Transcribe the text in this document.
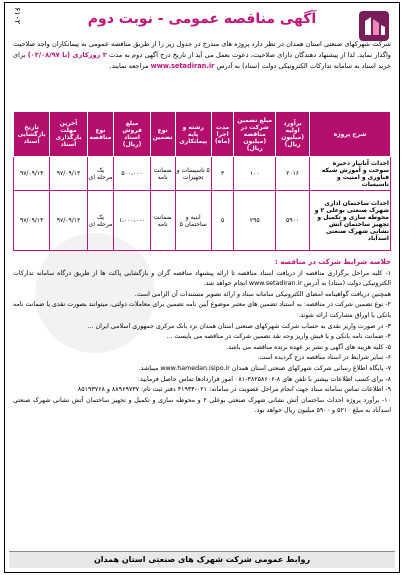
۶۱۰۲	آگهی مناقصه عمومی - نوبت دوم
شرکت شهرکهای صنعتی استان همدان در نظر دارد پروژه های مندرج در جدول زیر را از طریق مناقصه عمومی به پیمانکاران واجد صلاحیت واگذار نماید. لذا از پیشنهاد دهندگان دارای صلاحیت، دعوت بعمل می آید از تاریخ درج آگهی دوم به مدت ۳ روزکاری (تا ۰۳/۰۸/۹۷) برای خرید اسناد به سامانه تدارکات الکترونیکی دولت (ستاد) به آدرس www.setadiran.ir مراجعه نمایند.
شرح پروژه	برآورد اولیه (میلیون ریال)	مبلغ تضمین شرکت در مناقصه (میلیون ریال)	مدت اجرا (ماه)	رشته و پایه پیمانکاری	نوع تضمین	مبلغ فروش اسناد (ریال)	نوع مناقصه	آخرین مهلت بارگذاری اسناد	تاریخ بازگشایی اسناد
احداث آبانبار ذخیره سوخت و آموزش شبکه فناوری و امنیت و تاسیسات	۲۰۱۶	۱۰۰	۳	۵ تاسیسات و تجهیزات	ضمانت نامه	۵۰۰،۰۰۰	یک مرحله ای	۹۷/۰۹/۱۳	۹۷/۰۹/۱۴
احداث ساختمان اداری شهرک صنعتی بوعلی ۲ و محوطه سازی و تکمیل و تجهیز ساختمان آتش نشانی شهرک صنعتی اسدآباد	۵۹۰۰	۲۹۵	۵	ابنیه و ساختمان ۵	ضمانت نامه	۱،۰۰۰،۰۰۰	یک مرحله ای	۹۷/۰۹/۱۳	۹۷/۰۹/۱۴
خلاصه شرایط شرکت در مناقصه :
۱- کلیه مراحل برگزاری مناقصه از دریافت اسناد مناقصه تا ارائه پیشنهاد مناقصه گران و بازگشایی پاکت ها از طریق درگاه سامانه تدارکات الکترونیکی دولت (ستاد) به آدرس www.setadiran.ir انجام خواهد شد.
همچنین دریافت گواهینامه امضای الکترونیکی سامانه ستاد و ارائه تصویر مستندات آن الزامی است.
۲- نوع تضمین شرکت در مناقصه: به استناد تضمین های معتبر موضوع آیین نامه تضمین برای معاملات دولتی، میتوانند بصورت نقدی یا ضمانت نامه بانکی یا اوراق مشارکت ارائه شوند.
۳- در صورت واریز نقدی به حساب شرکت شهرکهای صنعتی استان همدان نزد بانک مرکزی جمهوری اسلامی ایران ...
۴- ضمانت نامه بانکی و یا فیش واریز وجه نقد تضمین شرکت در مناقصه می بایست ...
۵- کلیه هزینه های آگهی و نشر بر عهده برنده مناقصه می باشد.
۶- سایر شرایط در اسناد مناقصه درج گردیده است.
۷- پایگاه اطلاع رسانی شرکت شهرکهای صنعتی استان همدان www.hamedan.isipo.ir میباشد.
۸- برای کسب اطلاعات بیشتر با تلفن های ۸-۳۸۲۵۸۶۰۶-۰۸۱ امور قراردادها تماس حاصل فرمایید.
۹- اطلاعات تماس سامانه ستاد جهت انجام مراحل عضویت در سامانه: ۰۲۱-۴۱۹۳۴ دفتر ثبت نام: ۸۸۹۶۹۷۳۷ و ۸۵۱۹۳۷۶۸
۱۰- برآورد پروژه احداث ساختمان آتش نشانی شهرک صنعتی بوعلی ۲ و محوطه سازی و تکمیل و تجهیز ساختمان آتش نشانی شهرک صنعتی اسدآباد به مبلغ ۵۲۱۰ و ۵۹۰۰ میلیون ریال خواهد بود.
روابط عمومی شرکت شهرک های صنعتی استان همدان
